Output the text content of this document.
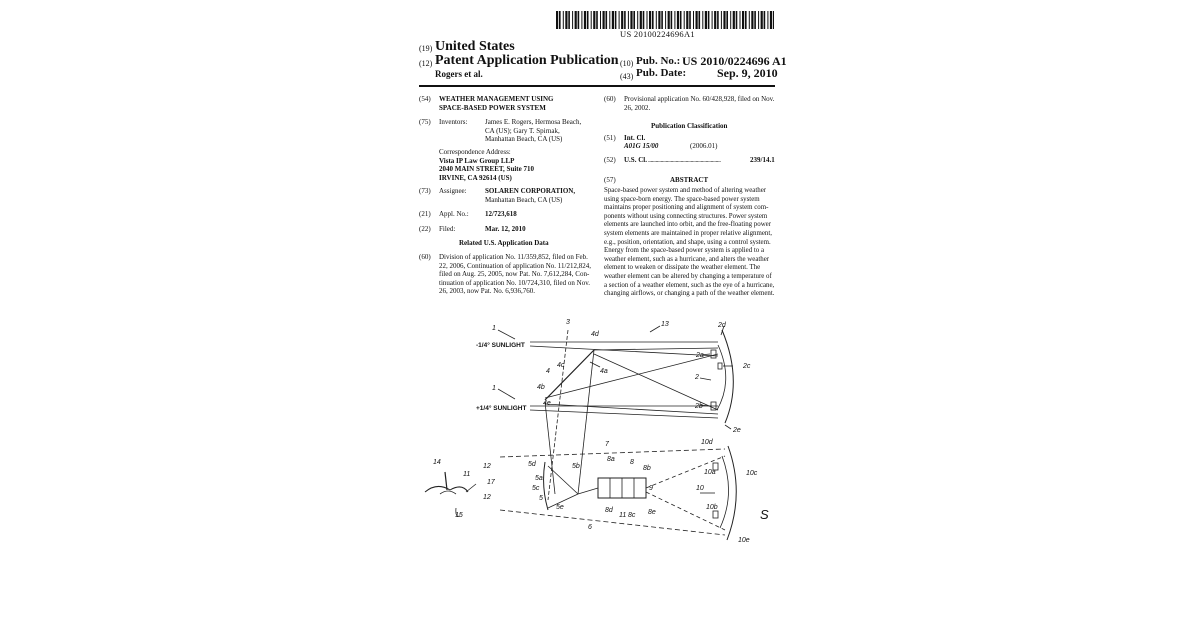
US 20100224696A1
(19) United States
(12) Patent Application Publication
Rogers et al.
(10) Pub. No.: US 2010/0224696 A1
(43) Pub. Date:	Sep. 9, 2010
(54) WEATHER MANAGEMENT USING
SPACE-BASED POWER SYSTEM
(75) Inventors:	James E. Rogers, Hermosa Beach,
CA (US); Gary T. Spirnak,
Manhattan Beach, CA (US)
Correspondence Address:
Vista IP Law Group LLP
2040 MAIN STREET, Suite 710
IRVINE, CA 92614 (US)
(73) Assignee:	SOLAREN CORPORATION,
Manhattan Beach, CA (US)
(21) Appl. No.: 12/723,618
(22) Filed:	Mar. 12, 2010
Related U.S. Application Data
(60) Division of application No. 11/359,852, filed on Feb.
22, 2006, Continuation of application No. 11/212,824,
filed on Aug. 25, 2005, now Pat. No. 7,612,284, Con-
tinuation of application No. 10/724,310, filed on Nov.
26, 2003, now Pat. No. 6,936,760.
(60) Provisional application No. 60/428,928, filed on Nov.
26, 2002.
Publication Classification
(51) Int. Cl.
A01G 15/00	(2006.01)
(52) U.S. Cl. ..........................................................	239/14.1
(57)	ABSTRACT
Space-based power system and method of altering weather
using space-born energy. The space-based power system
maintains proper positioning and alignment of system com-
ponents without using connecting structures. Power system
elements are launched into orbit, and the free-floating power
system elements are maintained in proper relative alignment,
e.g., position, orientation, and shape, using a control system.
Energy from the space-based power system is applied to a
weather element, such as a hurricane, and alters the weather
element to weaken or dissipate the weather element. The
weather element can be altered by changing a temperature of
a section of a weather element, such as the eye of a hurricane,
changing airflows, or changing a path of the weather element.
1
3
4d
13	2d
2a
2c
2
2b
2e
4
4c
4a
4b
4e
1
10d
10a	10c
10
10b
10e
7
8a 8
8b
9
8d
11 8c 8e
6
5d	5b
5a
5c
5
5e
12
12
14
11
17
15	S
-1/4° SUNLIGHT
+1/4° SUNLIGHT
